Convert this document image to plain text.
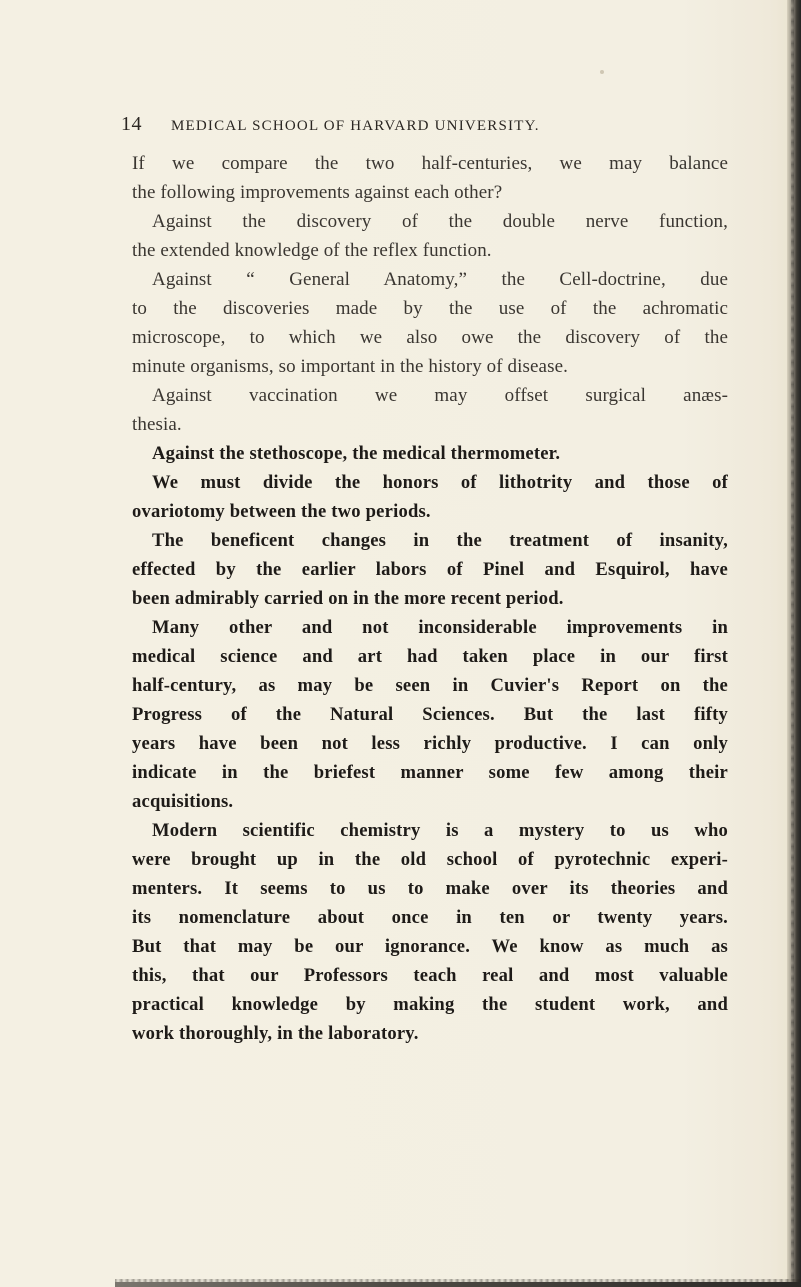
14	MEDICAL SCHOOL OF HARVARD UNIVERSITY.
If we compare the two half-centuries, we may balance
the following improvements against each other?
Against the discovery of the double nerve function,
the extended knowledge of the reflex function.
Against “ General Anatomy,” the Cell-doctrine, due
to the discoveries made by the use of the achromatic
microscope, to which we also owe the discovery of the
minute organisms, so important in the history of disease.
Against vaccination we may offset surgical anæs-
thesia.
Against the stethoscope, the medical thermometer.
We must divide the honors of lithotrity and those of
ovariotomy between the two periods.
The beneficent changes in the treatment of insanity,
effected by the earlier labors of Pinel and Esquirol, have
been admirably carried on in the more recent period.
Many other and not inconsiderable improvements in
medical science and art had taken place in our first
half-century, as may be seen in Cuvier's Report on the
Progress of the Natural Sciences. But the last fifty
years have been not less richly productive. I can only
indicate in the briefest manner some few among their
acquisitions.
Modern scientific chemistry is a mystery to us who
were brought up in the old school of pyrotechnic experi-
menters. It seems to us to make over its theories and
its nomenclature about once in ten or twenty years.
But that may be our ignorance. We know as much as
this, that our Professors teach real and most valuable
practical knowledge by making the student work, and
work thoroughly, in the laboratory.
